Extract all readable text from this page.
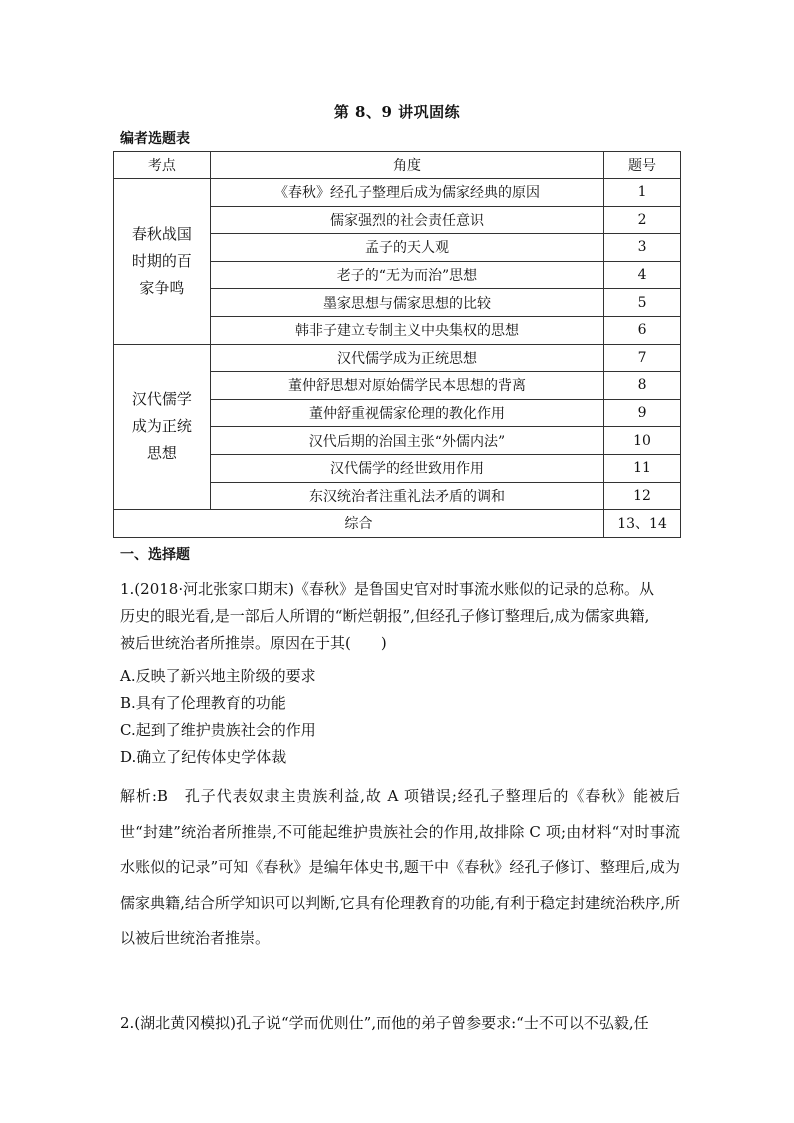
第 8、9 讲巩固练
编者选题表
考点	角度	题号

春秋战国
时期的百
家争鸣	《春秋》经孔子整理后成为儒家经典的原因	1
	儒家强烈的社会责任意识	2
	孟子的天人观	3
	老子的“无为而治”思想	4
	墨家思想与儒家思想的比较	5
	韩非子建立专制主义中央集权的思想	6

汉代儒学
成为正统
思想	汉代儒学成为正统思想	7
	董仲舒思想对原始儒学民本思想的背离	8
	董仲舒重视儒家伦理的教化作用	9
	汉代后期的治国主张“外儒内法”	10
	汉代儒学的经世致用作用	11
	东汉统治者注重礼法矛盾的调和	12
综合		13、14
一、选择题

1.(2018·河北张家口期末)《春秋》是鲁国史官对时事流水账似的记录的总称。从

历史的眼光看,是一部后人所谓的“断烂朝报”,但经孔子修订整理后,成为儒家典籍,

被后世统治者所推崇。原因在于其(　　)

A.反映了新兴地主阶级的要求
B.具有了伦理教育的功能
C.起到了维护贵族社会的作用
D.确立了纪传体史学体裁
解析:B　孔子代表奴隶主贵族利益,故 A 项错误;经孔子整理后的《春秋》能被后世“封建”统治者所推崇,不可能起维护贵族社会的作用,故排除 C 项;由材料“对时事流水账似的记录”可知《春秋》是编年体史书,题干中《春秋》经孔子修订、整理后,成为儒家典籍,结合所学知识可以判断,它具有伦理教育的功能,有利于稳定封建统治秩序,所以被后世统治者推崇。
2.(湖北黄冈模拟)孔子说“学而优则仕”,而他的弟子曾参要求:“士不可以不弘毅,任
